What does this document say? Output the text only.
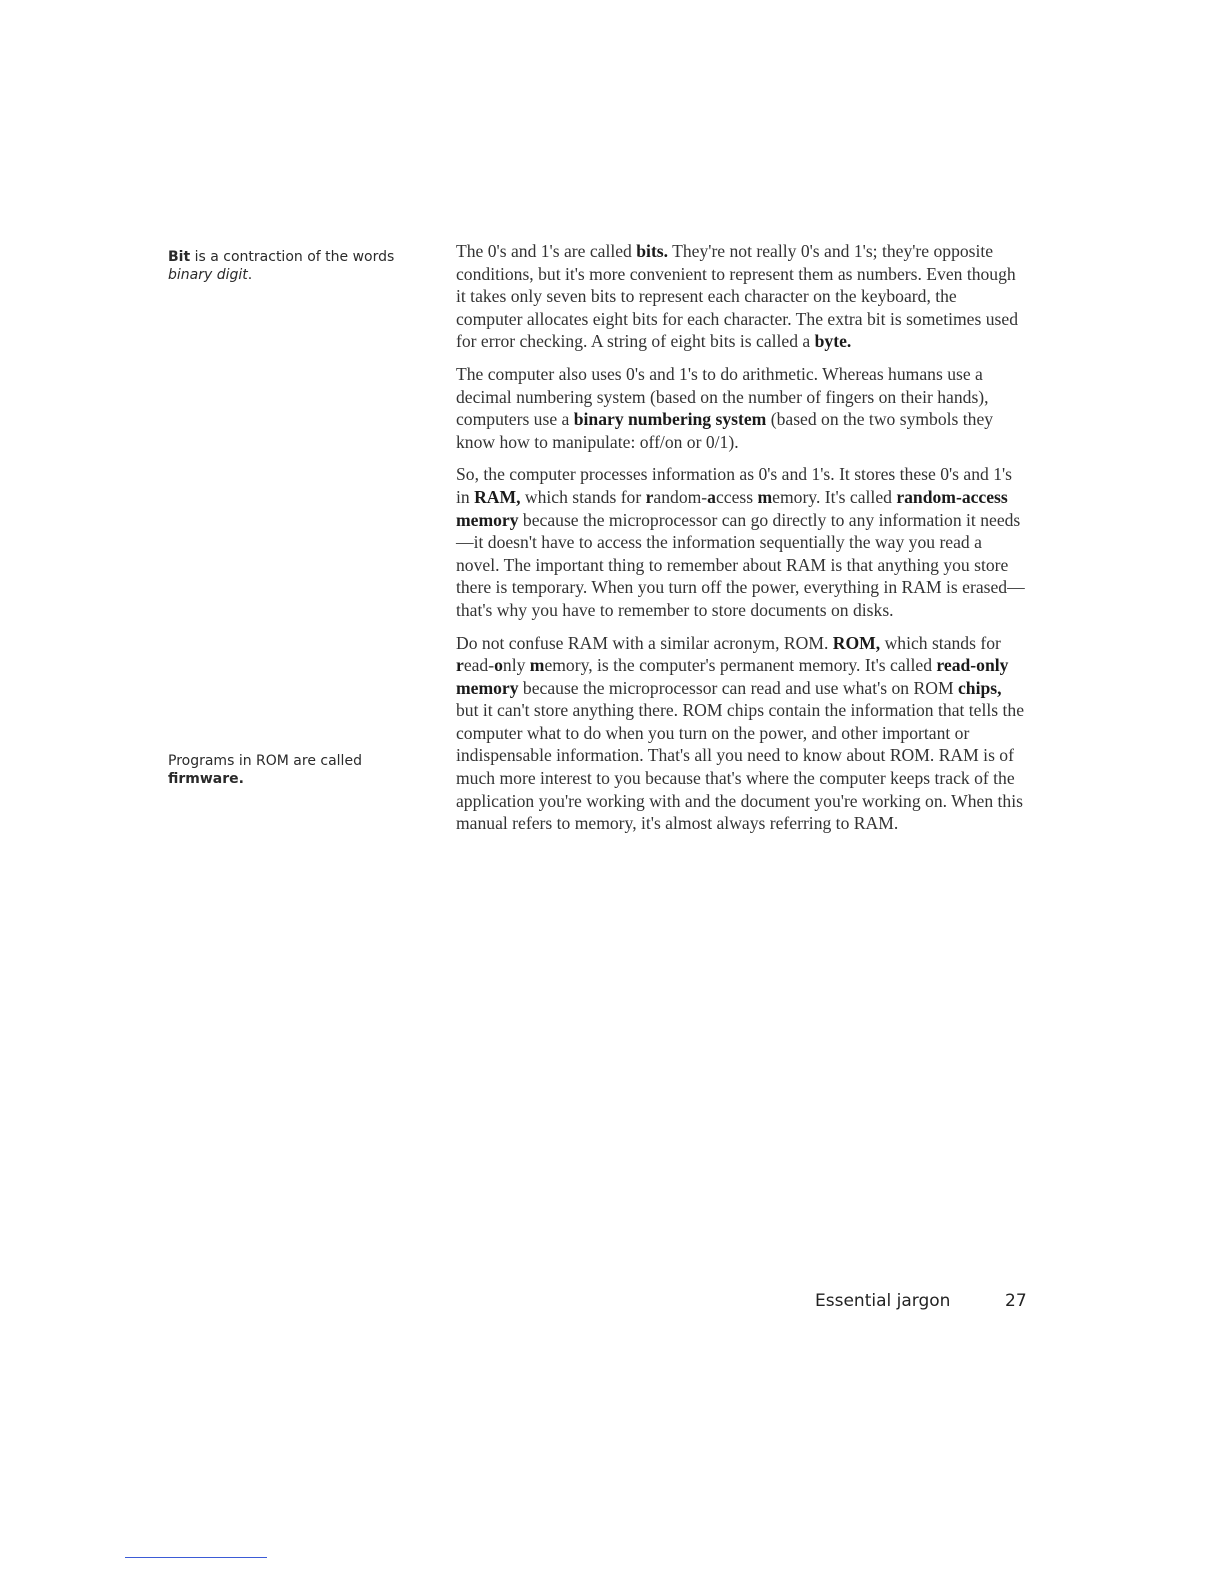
Bit is a contraction of the words
binary digit.
Programs in ROM are called
firmware.

The 0's and 1's are called bits. They're not really 0's and 1's; they're opposite conditions, but it's more convenient to represent them as numbers. Even though it takes only seven bits to represent each character on the keyboard, the computer allocates eight bits for each character. The extra bit is sometimes used for error checking. A string of eight bits is called a byte.

The computer also uses 0's and 1's to do arithmetic. Whereas humans use a decimal numbering system (based on the number of fingers on their hands), computers use a binary numbering system (based on the two symbols they know how to manipulate: off/on or 0/1).

So, the computer processes information as 0's and 1's. It stores these 0's and 1's in RAM, which stands for random-access memory. It's called random-access memory because the microprocessor can go directly to any information it needs—it doesn't have to access the information sequentially the way you read a novel. The important thing to remember about RAM is that anything you store there is temporary. When you turn off the power, everything in RAM is erased—that's why you have to remember to store documents on disks.

Do not confuse RAM with a similar acronym, ROM. ROM, which stands for read-only memory, is the computer's permanent memory. It's called read-only memory because the microprocessor can read and use what's on ROM chips, but it can't store anything there. ROM chips contain the information that tells the computer what to do when you turn on the power, and other important or indispensable information. That's all you need to know about ROM. RAM is of much more interest to you because that's where the computer keeps track of the application you're working with and the document you're working on. When this manual refers to memory, it's almost always referring to RAM.

Essential jargon	27
